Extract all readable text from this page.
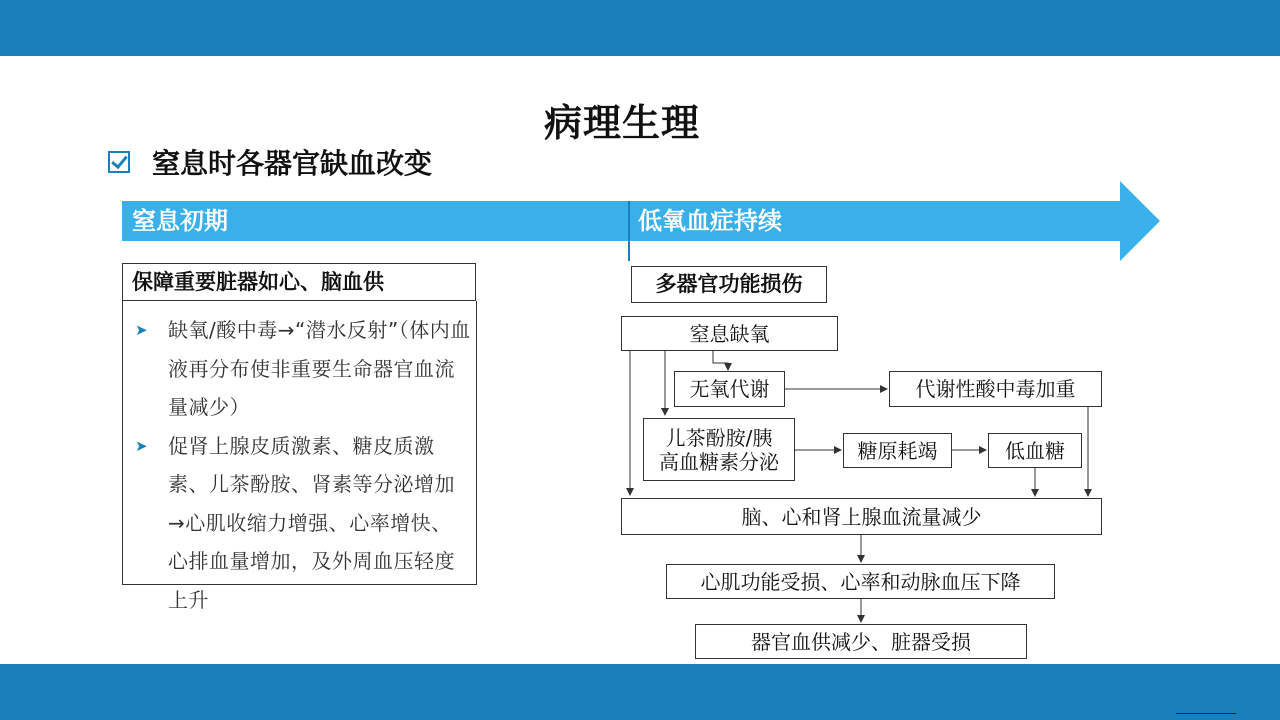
病理生理
窒息时各器官缺血改变
窒息初期	低氧血症持续
保障重要脏器如心、脑血供
➤ 缺氧/酸中毒→“潜水反射”（体内血液再分布使非重要生命器官血流量减少）
➤ 促肾上腺皮质激素、糖皮质激素、儿茶酚胺、肾素等分泌增加→心肌收缩力增强、心率增快、心排血量增加，及外周血压轻度上升
多器官功能损伤
窒息缺氧
无氧代谢	代谢性酸中毒加重
儿茶酚胺/胰高血糖素分泌	糖原耗竭	低血糖
脑、心和肾上腺血流量减少
心肌功能受损、心率和动脉血压下降
器官血供减少、脏器受损
